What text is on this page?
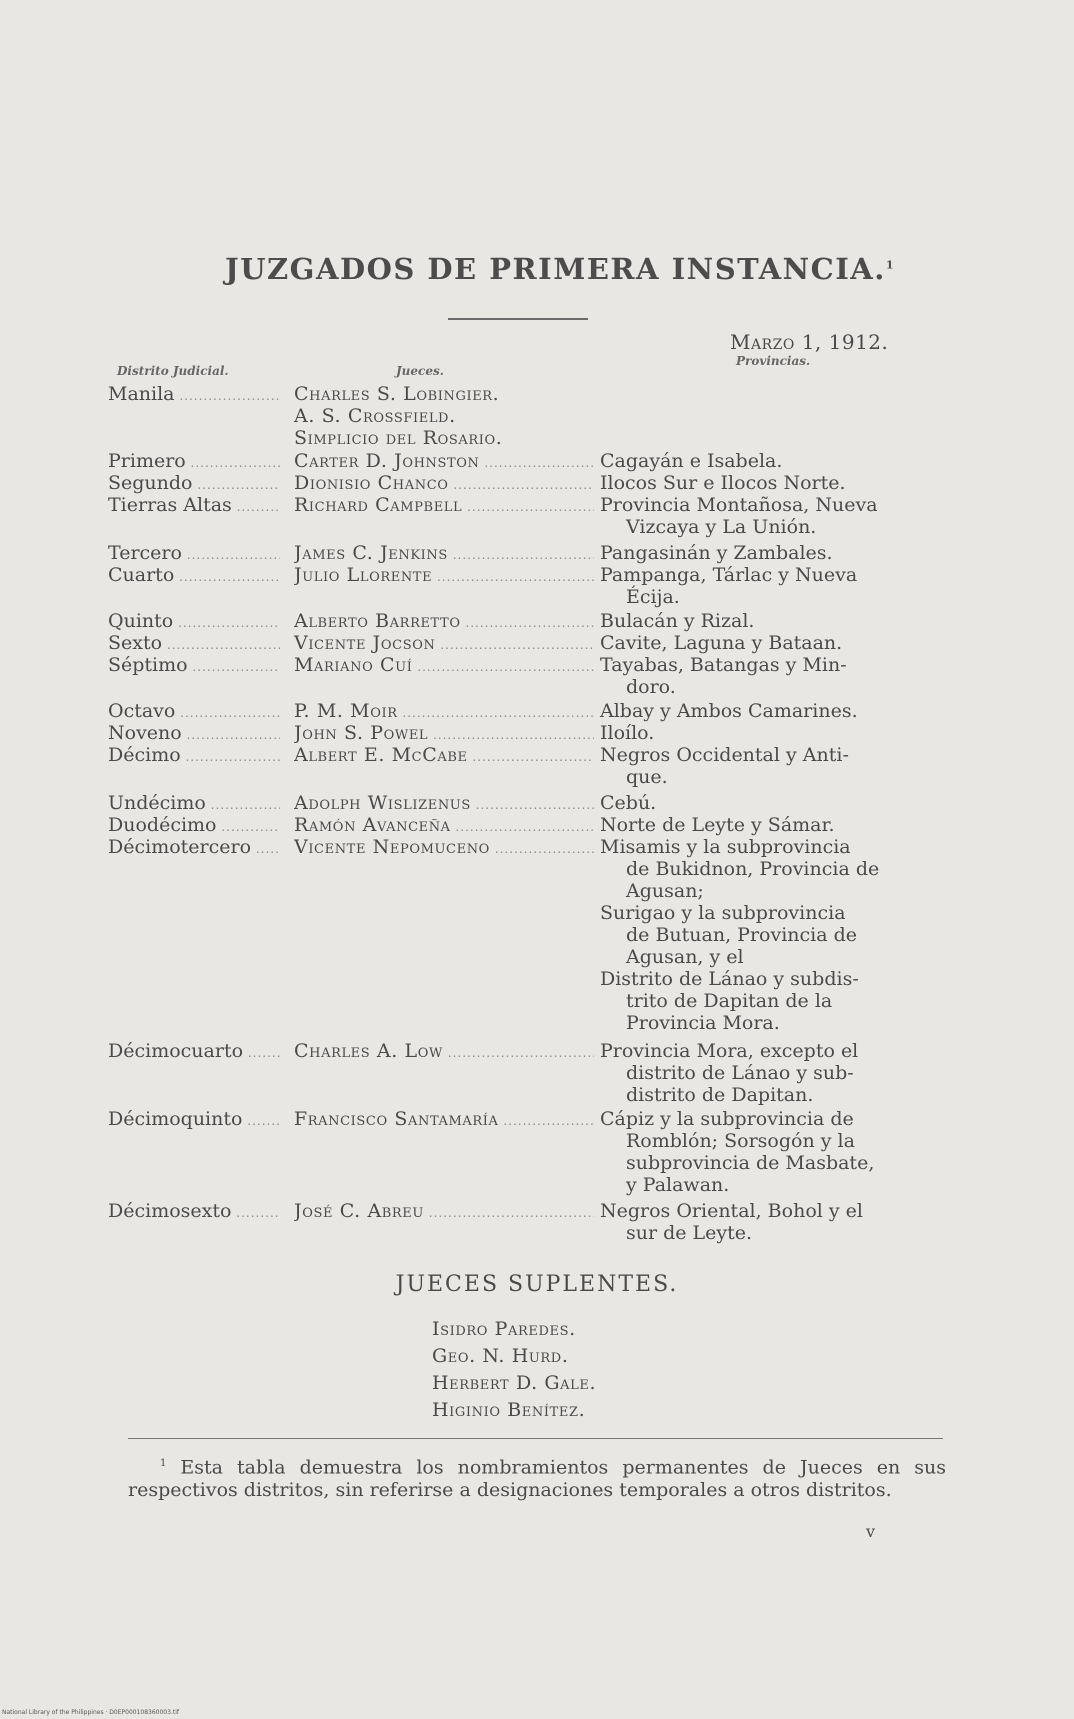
JUZGADOS DE PRIMERA INSTANCIA.$^1$
Marzo 1, 1912.
Distrito Judicial.	Jueces.
Provincias.
Manila .....	Charles S. Lobingier.
A. S. Crossfield.
Simplicio del Rosario.
Primero .....	Carter D. Johnston .....	Cagayán e Isabela.
Segundo .....	Dionisio Chanco .....	Ilocos Sur e Ilocos Norte.
Tierras Altas .....	Richard Campbell .....	Provincia Montañosa, Nueva
Vizcaya y La Unión.
Tercero .....	James C. Jenkins .....	Pangasinán y Zambales.
Cuarto .....	Julio Llorente .....	Pampanga, Tárlac y Nueva
Écija.
Quinto .....	Alberto Barretto .....	Bulacán y Rizal.
Sexto .....	Vicente Jocson .....	Cavite, Laguna y Bataan.
Séptimo .....	Mariano Cuí .....	Tayabas, Batangas y Min-
doro.
Octavo .....	P. M. Moir .....	Albay y Ambos Camarines.
Noveno .....	John S. Powel .....	Iloílo.
Décimo .....	Albert E. McCabe .....	Negros Occidental y Anti-
que.
Undécimo .....	Adolph Wislizenus .....	Cebú.
Duodécimo .....	Ramón Avanceña .....	Norte de Leyte y Sámar.
Décimotercero .....	Vicente Nepomuceno .....	Misamis y la subprovincia
de Bukidnon, Provincia de
Agusan;
Surigao y la subprovincia
de Butuan, Provincia de
Agusan, y el
Distrito de Lánao y subdis-
trito de Dapitan de la
Provincia Mora.
Décimocuarto .....	Charles A. Low .....	Provincia Mora, excepto el
distrito de Lánao y sub-
distrito de Dapitan.
Décimoquinto .....	Francisco Santamaría .....	Cápiz y la subprovincia de
Romblón; Sorsogón y la
subprovincia de Masbate,
y Palawan.
Décimosexto .....	José C. Abreu .....	Negros Oriental, Bohol y el
sur de Leyte.
JUECES SUPLENTES.
Isidro Paredes.
Geo. N. Hurd.
Herbert D. Gale.
Higinio Benítez.
$^1$ Esta tabla demuestra los nombramientos permanentes de Jueces en sus respectivos distritos, sin referirse a designaciones temporales a otros distritos.
v
National Library of the Philippines · D0EP000108360003.tif
